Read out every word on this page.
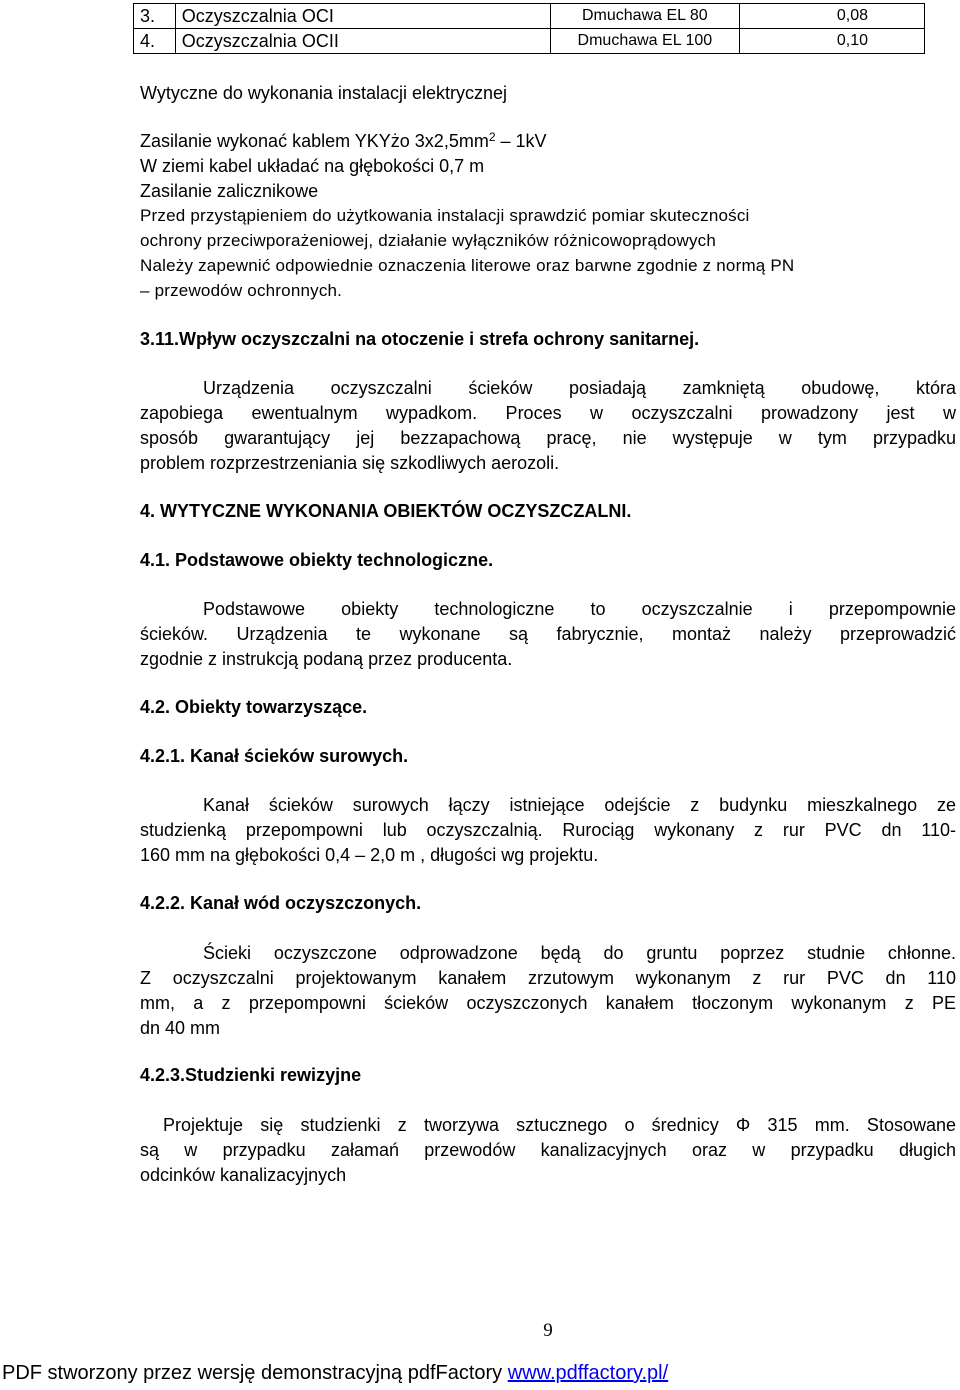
3.	Oczyszczalnia OCI	Dmuchawa EL 80	0,08
4.	Oczyszczalnia OCII	Dmuchawa EL 100	0,10
Wytyczne do wykonania instalacji elektrycznej
Zasilanie wykonać kablem YKYżo $3x2,5mm^2 - 1kV$
W ziemi kabel układać na głębokości 0,7 m
Zasilanie zalicznikowe
Przed przystąpieniem do użytkowania instalacji sprawdzić pomiar skuteczności
ochrony przeciwporażeniowej, działanie wyłączników różnicowoprądowych
Należy zapewnić odpowiednie oznaczenia literowe oraz barwne zgodnie z normą PN
– przewodów ochronnych.
3.11.Wpływ oczyszczalni na otoczenie i strefa ochrony sanitarnej.
Urządzenia oczyszczalni ścieków posiadają zamkniętą obudowę, która
zapobiega ewentualnym wypadkom. Proces w oczyszczalni prowadzony jest w
sposób gwarantujący jej bezzapachową pracę, nie występuje w tym przypadku
problem rozprzestrzeniania się szkodliwych aerozoli.
4. WYTYCZNE WYKONANIA OBIEKTÓW OCZYSZCZALNI.
4.1. Podstawowe obiekty technologiczne.
Podstawowe obiekty technologiczne to oczyszczalnie i przepompownie
ścieków. Urządzenia te wykonane są fabrycznie, montaż należy przeprowadzić
zgodnie z instrukcją podaną przez producenta.
4.2. Obiekty towarzyszące.
4.2.1. Kanał ścieków surowych.
Kanał ścieków surowych łączy istniejące odejście z budynku mieszkalnego ze
studzienką przepompowni lub oczyszczalnią. Rurociąg wykonany z rur PVC dn 110-
160 mm na głębokości 0,4 – 2,0 m , długości wg projektu.
4.2.2. Kanał wód oczyszczonych.
Ścieki oczyszczone odprowadzone będą do gruntu poprzez studnie chłonne.
Z oczyszczalni projektowanym kanałem zrzutowym wykonanym z rur PVC dn 110
mm, a z przepompowni ścieków oczyszczonych kanałem tłoczonym wykonanym z PE
dn 40 mm
4.2.3.Studzienki rewizyjne
Projektuje się studzienki z tworzywa sztucznego o średnicy Φ 315 mm. Stosowane
są w przypadku załamań przewodów kanalizacyjnych oraz w przypadku długich
odcinków kanalizacyjnych
9
PDF stworzony przez wersję demonstracyjną pdfFactory www.pdffactory.pl/
